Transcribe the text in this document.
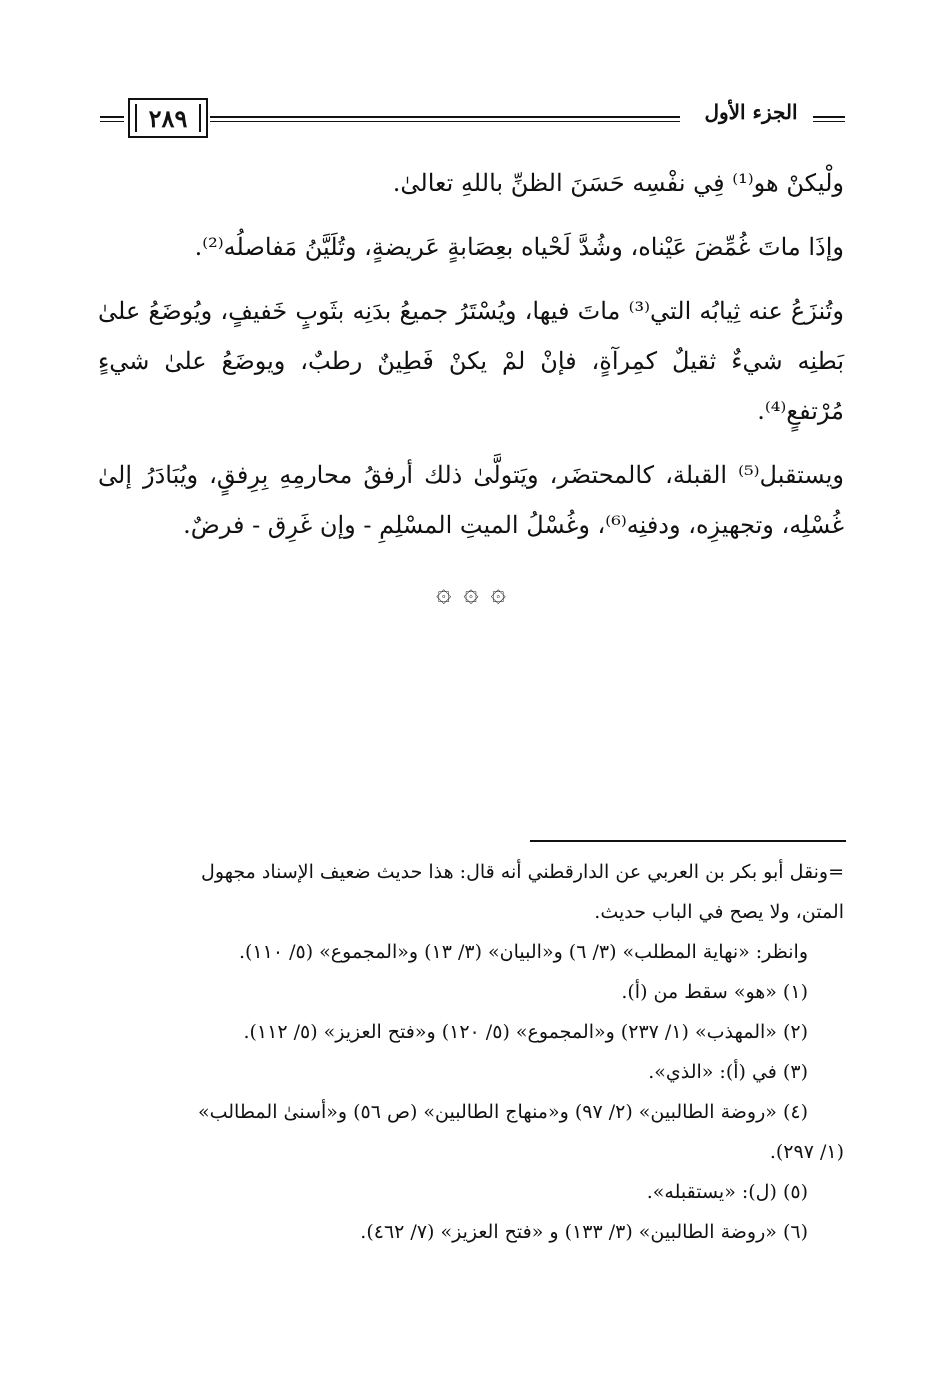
٢٨٩	الجزء الأول

ولْيكنْ هو⁽¹⁾ فِي نفْسِه حَسَنَ الظنِّ باللهِ تعالىٰ.

وإذَا ماتَ غُمِّضَ عَيْناه، وشُدَّ لَحْياه بعِصَابةٍ عَريضةٍ، وتُلَيَّنُ مَفاصلُه⁽²⁾.

وتُنزَعُ عنه ثِيابُه التي⁽³⁾ ماتَ فيها، ويُسْتَرُ جميعُ بدَنِه بثَوبٍ خَفيفٍ، ويُوضَعُ علىٰ بَطنِه شيءٌ ثقيلٌ كمِرآةٍ، فإنْ لمْ يكنْ فَطِينٌ رطبٌ، ويوضَعُ علىٰ شيءٍ مُرْتفعٍ⁽⁴⁾.

ويستقبل⁽⁵⁾ القبلة، كالمحتضَر، ويَتولَّىٰ ذلك أرفقُ محارمِهِ بِرِفقٍ، ويُبَادَرُ إلىٰ غُسْلِه، وتجهيزِه، ودفنِه⁽⁶⁾، وغُسْلُ الميتِ المسْلِمِ - وإن غَرِق - فرضٌ.

۞ ۞ ۞

=ونقل أبو بكر بن العربي عن الدارقطني أنه قال: هذا حديث ضعيف الإسناد مجهول

المتن، ولا يصح في الباب حديث.

وانظر: «نهاية المطلب» (٣/ ٦) و«البيان» (٣/ ١٣) و«المجموع» (٥/ ١١٠).

(١) «هو» سقط من (أ).

(٢) «المهذب» (١/ ٢٣٧) و«المجموع» (٥/ ١٢٠) و«فتح العزيز» (٥/ ١١٢).

(٣) في (أ): «الذي».

(٤) «روضة الطالبين» (٢/ ٩٧) و«منهاج الطالبين» (ص ٥٦) و«أسنىٰ المطالب»

(١/ ٢٩٧).

(٥) (ل): «يستقبله».

(٦) «روضة الطالبين» (٣/ ١٣٣) و «فتح العزيز» (٧/ ٤٦٢).
